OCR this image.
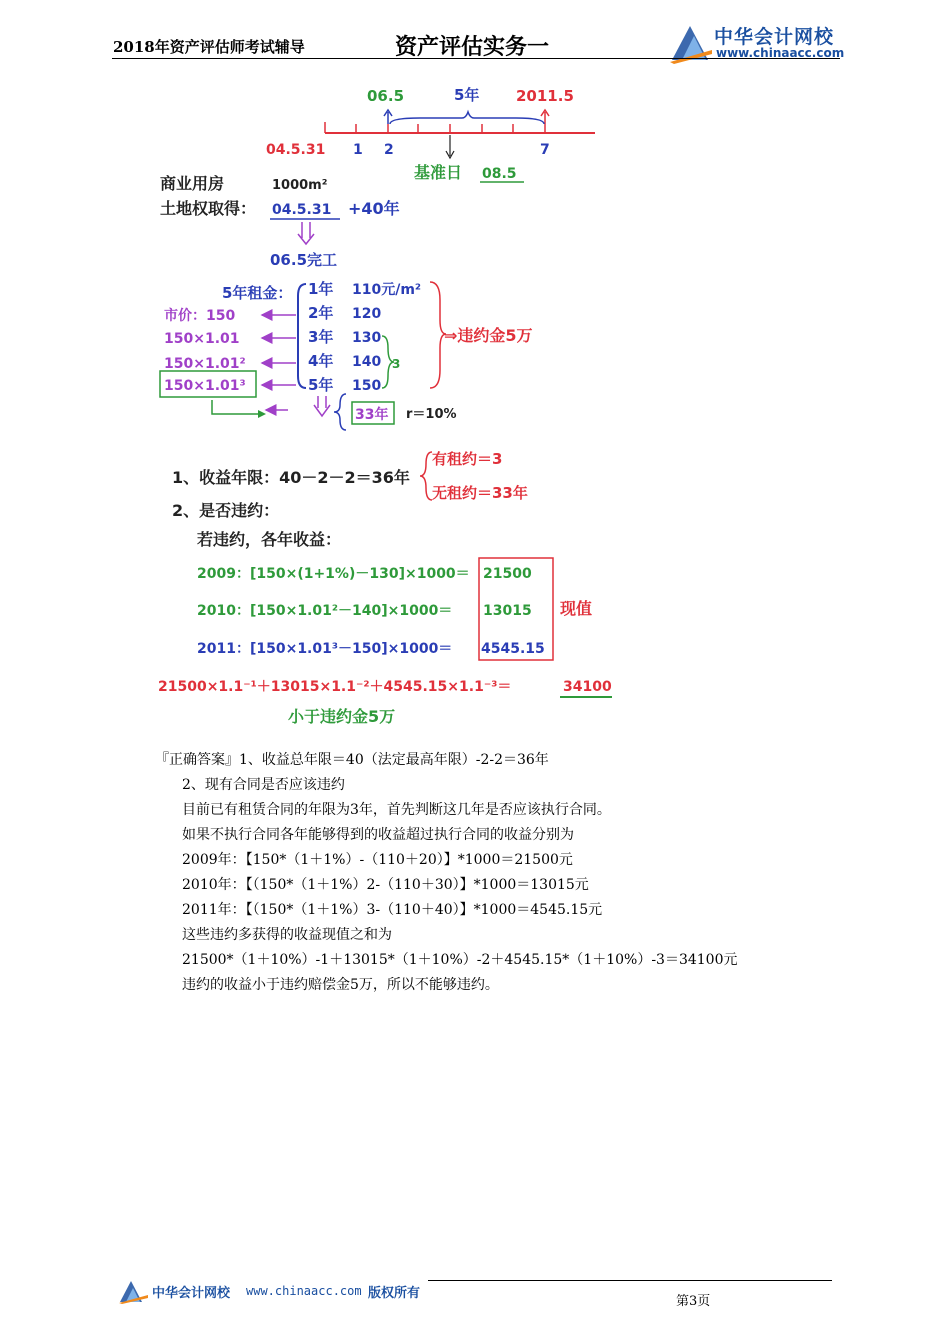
2018年资产评估师考试辅导	资产评估实务一	中华会计网校
www.chinaacc.com
06.5	5年 2011.5
04.5.31 1 2	7
基准日 08.5
商业用房	1000m²
土地权取得： 04.5.31 +40年
06.5完工
5年租金： 1年 110元/m²
2年 120
3年 130
4年 140
5年 150
3
⇒违约金5万
33年 r＝10%
市价：150
150×1.01
150×1.01²
150×1.01³
1、收益年限：40－2－2＝36年
有租约＝3
无租约＝33年
2、是否违约：
若违约，各年收益：
2009：[150×(1+1%)－130]×1000＝ 21500
2010：[150×1.01²－140]×1000＝ 13015
2011：[150×1.01³－150]×1000＝ 4545.15
现值
21500×1.1⁻¹＋13015×1.1⁻²＋4545.15×1.1⁻³＝	34100
小于违约金5万

『正确答案』1、收益总年限＝40（法定最高年限）-2-2＝36年

2、现有合同是否应该违约

目前已有租赁合同的年限为3年，首先判断这几年是否应该执行合同。

如果不执行合同各年能够得到的收益超过执行合同的收益分别为

2009年：【150*（1＋1%）-（110＋20）】*1000＝21500元

2010年：【（150*（1＋1%）2-（110＋30）】*1000＝13015元

2011年：【（150*（1＋1%）3-（110＋40）】*1000＝4545.15元

这些违约多获得的收益现值之和为

21500*（1＋10%）-1＋13015*（1＋10%）-2＋4545.15*（1＋10%）-3＝34100元

违约的收益小于违约赔偿金5万，所以不能够违约。

中华会计网校 www.chinaacc.com 版权所有
第3页
